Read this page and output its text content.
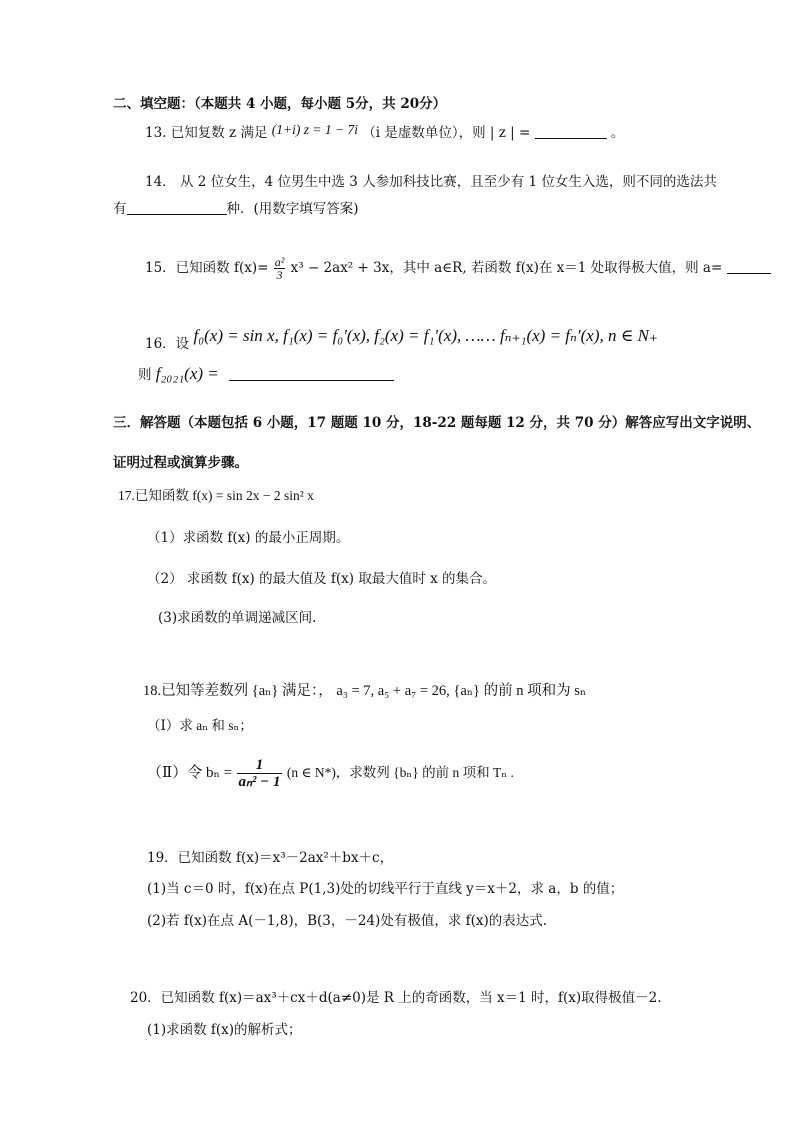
二、填空题：（本题共 4 小题，每小题 5分，共 20分）
13. 已知复数 z 满足 (1+i) z = 1 − 7i （i 是虚数单位），则 | z | =	。
14． 从 2 位女生，4 位男生中选 3 人参加科技比赛，且至少有 1 位女生入选，则不同的选法共
有	种．(用数字填写答案)
15．已知函数 $f(x)= \frac{\text{a²}}{3} x^3 - 2ax^2 + 3x$，其中 a∈R, 若函数 f(x)在 x＝1 处取得极大值，则 a=
16．设 f₀(x) = sin x, f₁(x) = f₀′(x), f₂(x) = f₁′(x), …… fₙ₊₁(x) = fₙ′(x), n ∈ N₊
则 f₂₀₂₁(x) =
三．解答题（本题包括 6 小题，17 题题 10 分，18-22 题每题 12 分，共 70 分）解答应写出文字说明、
证明过程或演算步骤。
17.已知函数 f(x) = sin 2x − 2 sin² x
（1）求函数 f(x) 的最小正周期。
（2） 求函数 f(x) 的最大值及 f(x) 取最大值时 x 的集合。
(3)求函数的单调递减区间.
18.已知等差数列 {aₙ} 满足：， a₃ = 7, a₅ + a₇ = 26, {aₙ} 的前 n 项和为 sₙ
（Ⅰ）求 aₙ 和 sₙ；
（Ⅱ）令 $b_n = \frac{1}{\text{aₙ² − 1}} (n$ ∈ N*)，求数列 {bₙ} 的前 n 项和 Tₙ .
19．已知函数 f(x)＝x³－2ax²＋bx＋c，
(1)当 c＝0 时，f(x)在点 P(1,3)处的切线平行于直线 y＝x＋2，求 a，b 的值；
(2)若 f(x)在点 A(－1,8)，B(3，－24)处有极值，求 f(x)的表达式.
20．已知函数 f(x)＝ax³＋cx＋d(a≠0)是 R 上的奇函数，当 x＝1 时，f(x)取得极值－2.
(1)求函数 f(x)的解析式；
